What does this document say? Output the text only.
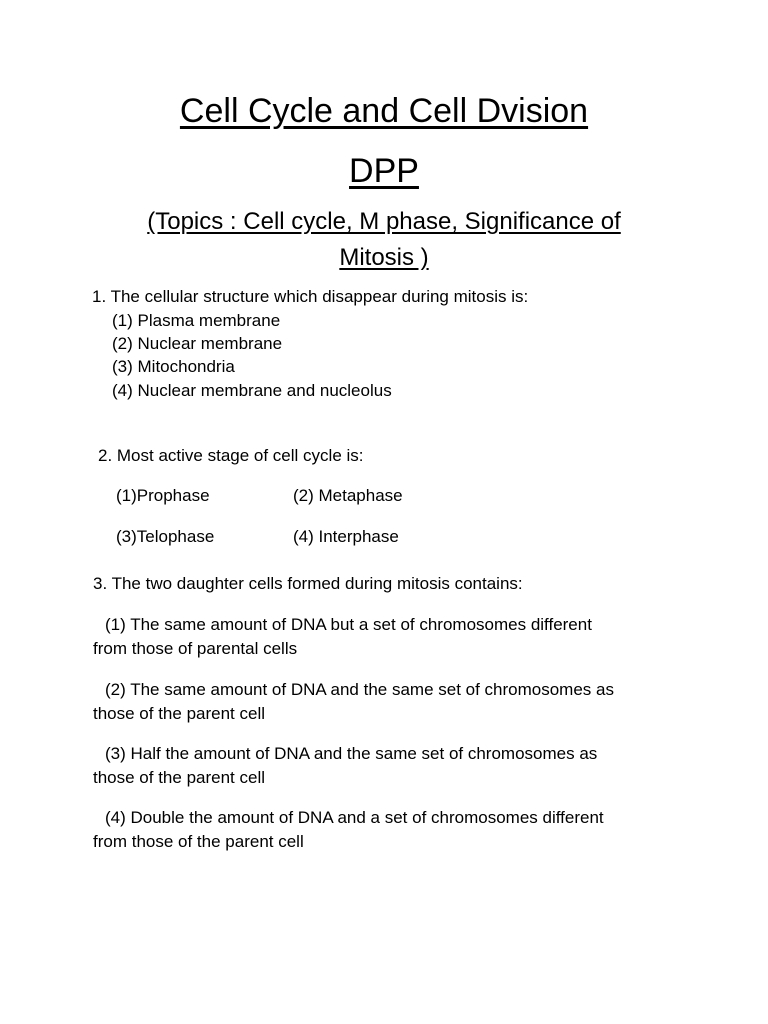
Cell Cycle and Cell Dvision
DPP
(Topics : Cell cycle, M phase, Significance of
Mitosis )
1. The cellular structure which disappear during mitosis is:
(1) Plasma membrane
(2) Nuclear membrane
(3) Mitochondria
(4) Nuclear membrane and nucleolus
2. Most active stage of cell cycle is:
(1)Prophase	(2) Metaphase
(3)Telophase	(4) Interphase
3. The two daughter cells formed during mitosis contains:
(1) The same amount of DNA but a set of chromosomes different
from those of parental cells
(2) The same amount of DNA and the same set of chromosomes as
those of the parent cell
(3) Half the amount of DNA and the same set of chromosomes as
those of the parent cell
(4) Double the amount of DNA and a set of chromosomes different
from those of the parent cell
